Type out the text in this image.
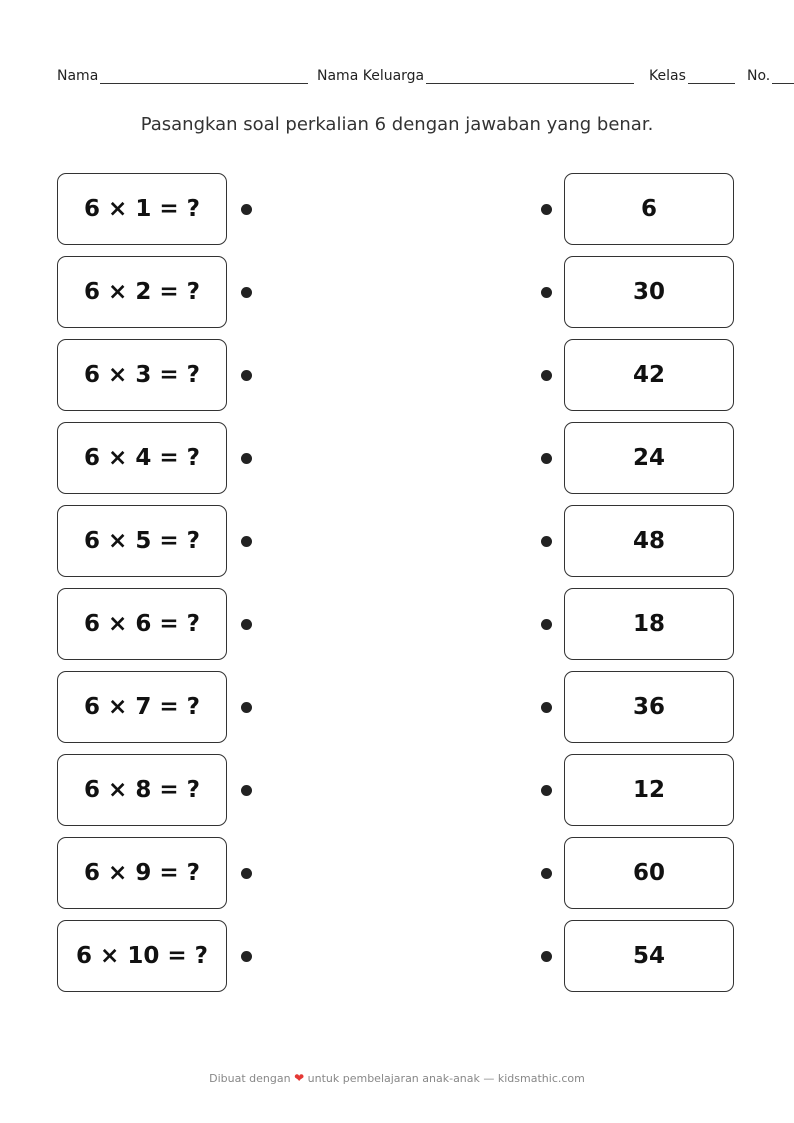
Nama	Nama Keluarga	Kelas	No.
Pasangkan soal perkalian 6 dengan jawaban yang benar.
6 × 1 = ?	6
6 × 2 = ?	30
6 × 3 = ?	42
6 × 4 = ?	24
6 × 5 = ?	48
6 × 6 = ?	18
6 × 7 = ?	36
6 × 8 = ?	12
6 × 9 = ?	60
6 × 10 = ?	54
Dibuat dengan ❤ untuk pembelajaran anak-anak — kidsmathic.com
